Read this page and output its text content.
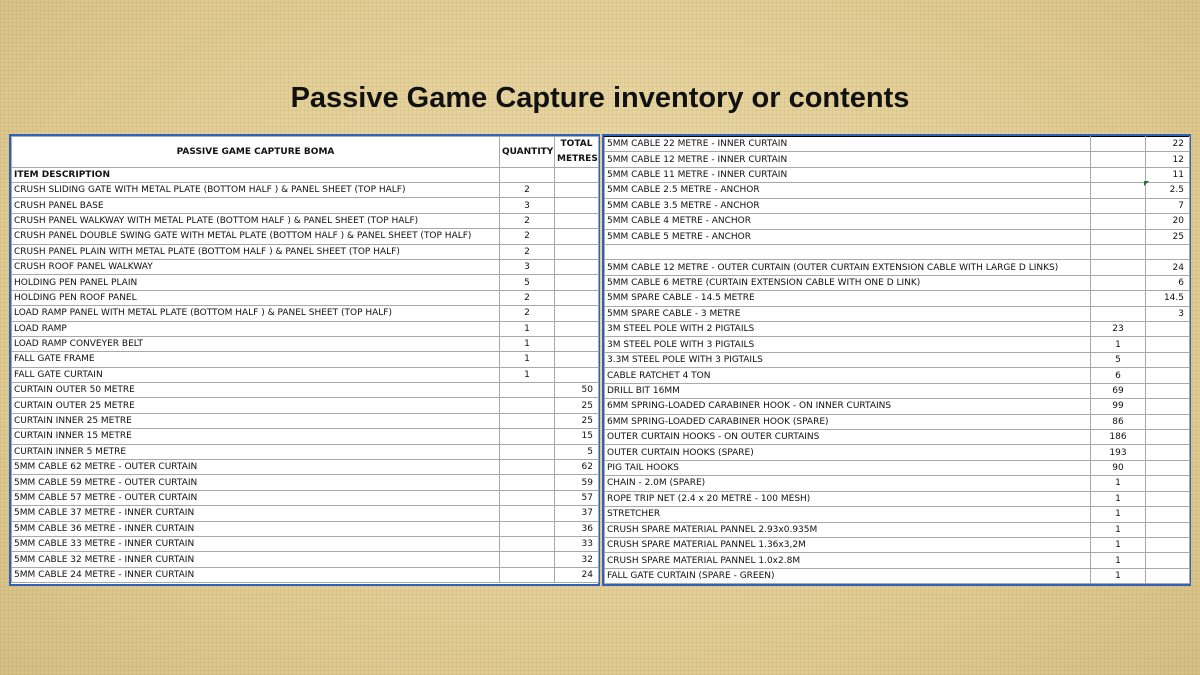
Passive Game Capture inventory or contents
PASSIVE GAME CAPTURE BOMA	QUANTITY	TOTAL
METRES
ITEM DESCRIPTION		
CRUSH SLIDING GATE WITH METAL PLATE (BOTTOM HALF ) & PANEL SHEET (TOP HALF)	2	
CRUSH PANEL BASE	3	
CRUSH PANEL WALKWAY WITH METAL PLATE (BOTTOM HALF ) & PANEL SHEET (TOP HALF)	2	
CRUSH PANEL DOUBLE SWING GATE WITH METAL PLATE (BOTTOM HALF ) & PANEL SHEET (TOP HALF)	2	
CRUSH PANEL PLAIN WITH METAL PLATE (BOTTOM HALF ) & PANEL SHEET (TOP HALF)	2	
CRUSH ROOF PANEL WALKWAY	3	
HOLDING PEN PANEL PLAIN	5	
HOLDING PEN ROOF PANEL	2	
LOAD RAMP PANEL WITH METAL PLATE (BOTTOM HALF ) & PANEL SHEET (TOP HALF)	2	
LOAD RAMP	1	
LOAD RAMP CONVEYER BELT	1	
FALL GATE FRAME	1	
FALL GATE CURTAIN	1	
CURTAIN OUTER 50 METRE		50
CURTAIN OUTER 25 METRE		25
CURTAIN INNER 25 METRE		25
CURTAIN INNER 15 METRE		15
CURTAIN INNER 5 METRE		5
5MM CABLE 62 METRE - OUTER CURTAIN		62
5MM CABLE 59 METRE - OUTER CURTAIN		59
5MM CABLE 57 METRE - OUTER CURTAIN		57
5MM CABLE 37 METRE - INNER CURTAIN		37
5MM CABLE 36 METRE - INNER CURTAIN		36
5MM CABLE 33 METRE - INNER CURTAIN		33
5MM CABLE 32 METRE - INNER CURTAIN		32
5MM CABLE 24 METRE - INNER CURTAIN		24
5MM CABLE 22 METRE - INNER CURTAIN		22
5MM CABLE 12 METRE - INNER CURTAIN		12
5MM CABLE 11 METRE - INNER CURTAIN		11
5MM CABLE 2.5 METRE - ANCHOR		2.5
5MM CABLE 3.5 METRE - ANCHOR		7
5MM CABLE 4 METRE - ANCHOR		20
5MM CABLE 5 METRE - ANCHOR		25

5MM CABLE 12 METRE - OUTER CURTAIN (OUTER CURTAIN EXTENSION CABLE WITH LARGE D LINKS)		24
5MM CABLE 6 METRE (CURTAIN EXTENSION CABLE WITH ONE D LINK)		6
5MM SPARE CABLE - 14.5 METRE		14.5
5MM SPARE CABLE - 3 METRE		3
3M STEEL POLE WITH 2 PIGTAILS	23	
3M STEEL POLE WITH 3 PIGTAILS	1	
3.3M STEEL POLE WITH 3 PIGTAILS	5	
CABLE RATCHET 4 TON	6	
DRILL BIT 16MM	69	
6MM SPRING-LOADED CARABINER HOOK - ON INNER CURTAINS	99	
6MM SPRING-LOADED CARABINER HOOK (SPARE)	86	
OUTER CURTAIN HOOKS - ON OUTER CURTAINS	186	
OUTER CURTAIN HOOKS (SPARE)	193	
PIG TAIL HOOKS	90	
CHAIN - 2.0M (SPARE)	1	
ROPE TRIP NET (2.4 x 20 METRE - 100 MESH)	1	
STRETCHER	1	
CRUSH SPARE MATERIAL PANNEL 2.93x0.935M	1	
CRUSH SPARE MATERIAL PANNEL 1.36x3,2M	1	
CRUSH SPARE MATERIAL PANNEL 1.0x2.8M	1	
FALL GATE CURTAIN (SPARE - GREEN)	1	
